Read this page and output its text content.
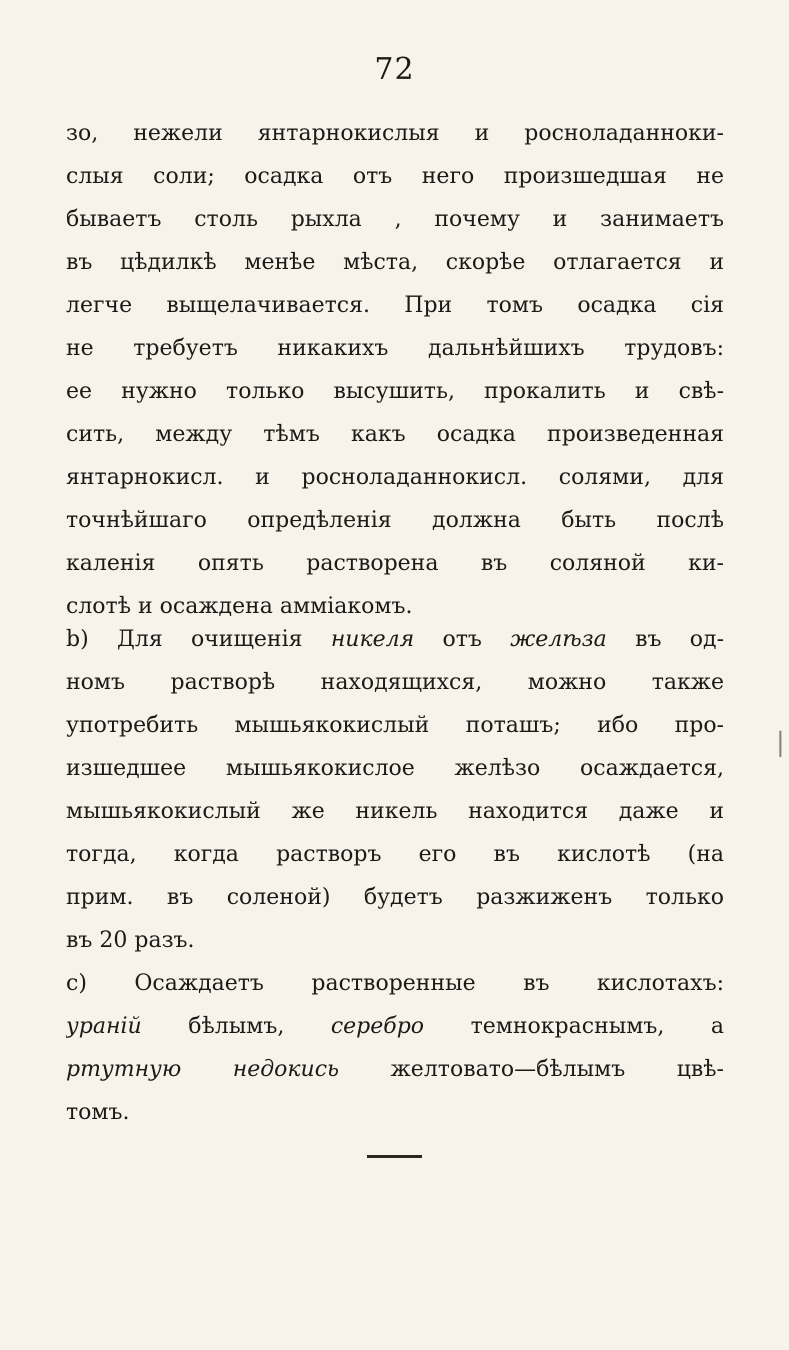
72
зо, нежели янтарнокислыя и росноладанноки-
слыя соли; осадка отъ него произшедшая не
бываетъ столь рыхла , почему и занимаетъ
въ цѣдилкѣ менѣе мѣста, скорѣе отлагается и
легче выщелачивается. При томъ осадка сія
не требуетъ никакихъ дальнѣйшихъ трудовъ:
ее нужно только высушить, прокалить и свѣ-
сить, между тѣмъ какъ осадка произведенная
янтарнокисл. и росноладаннокисл. солями, для
точнѣйшаго опредѣленія должна быть послѣ
каленія опять растворена въ соляной ки-
слотѣ и осаждена аммiакомъ.
b) Для очищенія никеля отъ желѣза въ од-
номъ растворѣ находящихся, можно также
употребить мышьякокислый поташъ; ибо про-
изшедшее мышьякокислое желѣзо осаждается,
мышьякокислый же никель находится даже и
тогда, когда растворъ его въ кислотѣ (на
прим. въ соленой) будетъ разжиженъ только
въ 20 разъ.
c) Осаждаетъ растворенные въ кислотахъ:
уранiй бѣлымъ, серебро темнокраснымъ, а
ртутную недокись желтовато—бѣлымъ цвѣ-
томъ.
|
